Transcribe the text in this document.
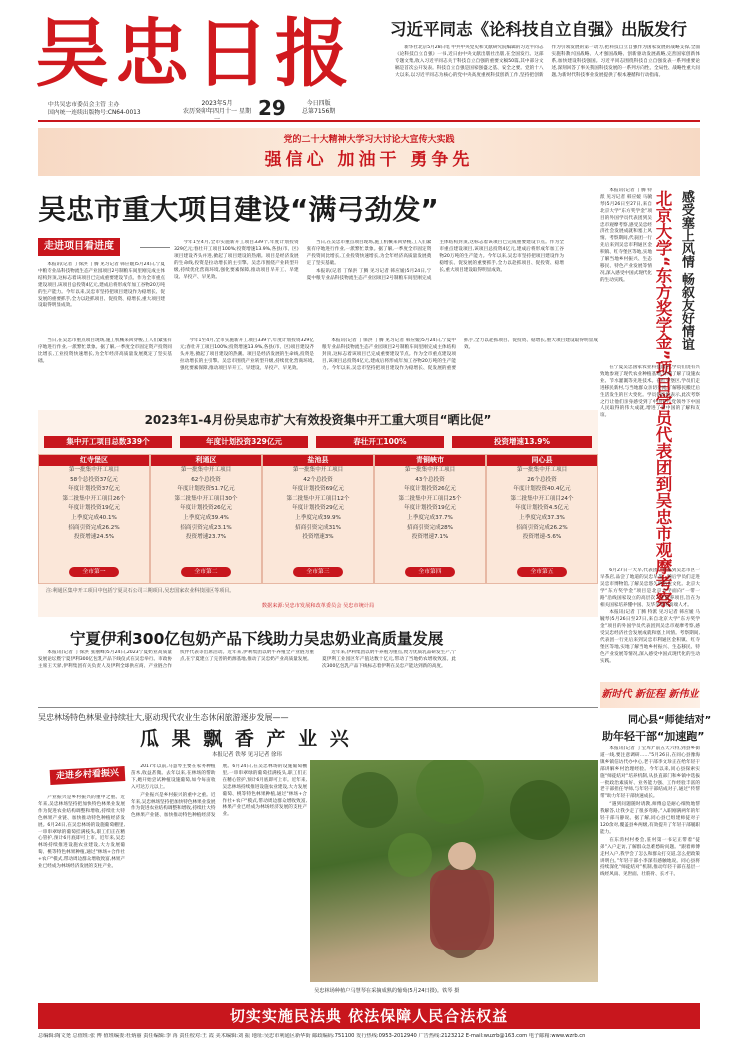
吴忠日报
中共吴忠市委员会主管 主办
国内统一连续出版物号:CN64-0013
2023年5月
农历癸卯年四月十一 星期 29	今日四版
总第7156期
习近平同志《论科技自立自强》出版发行

新华社北京5月28日电 中共中央党史和文献研究院编辑的习近平同志《论科技自立自强》一书,近日由中央文献出版社出版,在全国发行。这部专题文集,收入习近平同志关于科技自立自强的重要文稿50篇,其中部分文稿是首次公开发表。科技自立自强是国家强盛之基、安全之要。党的十八大以来,以习近平同志为核心的党中央高度重视科技创新工作,坚持把创新作为引领发展的第一动力,把科技自立自强作为国家发展的战略支撑,全面实施科教兴国战略、人才强国战略、创新驱动发展战略,完善国家创新体系,加快建设科技强国。习近平同志围绕科技自立自强发表一系列重要论述,深刻回答了事关我国科技发展的一系列方向性、全局性、战略性重大问题,为新时代科技事业发展提供了根本遵循和行动指南。

党的二十大精神大学习大讨论大宣传大实践
强信心 加油干 勇争先
吴忠市重大项目建设“满弓劲发”
走进项目看进度

本报讯(记者 丁保洪 丁腾 见习记者 韩应媛)5月24日,宁夏中粮专业品科技物流生态产业园项目2号制粮车间里刚完成主体结构封顶,这标志着该项目已完成重要建设节点。作为全市重点建设项目,该项目总投资4亿元,建成后将形成年加工谷物20万吨的生产能力。今年以来,吴忠市坚持把项目建设作为稳增长、促发展的重要抓手,全力以赴抓项目、促投资、稳增长,重大项目建设取得明显成效。

今年1至4月,全市实施新开工项目339个,年度计划投资329亿元;春壮开工项目100%;投资增速13.9%,各县(市、区)项目建设齐头并进,掀起了项目建设的热潮。项目是经济发展的生命线,投资是拉动增长的主引擎。吴忠市围绕产业转型升级,持续优化营商环境,强化要素保障,推动项目早开工、早建设、早投产、早见效。

当日,在吴忠市重点项目现场,施工机械来回穿梭,工人们紧张有序地进行作业,一派繁忙景象。据了解,一季度全市固定资产投资同比增长,工业投资快速增长,为全年经济高质量发展奠定了坚实基础。

本报讯(记者 丁保洪 丁腾 见习记者 韩应媛)5月24日,宁夏中粮专业品科技物流生态产业园项目2号制粮车间里刚完成主体结构封顶,这标志着该项目已完成重要建设节点。作为全市重点建设项目,该项目总投资4亿元,建成后将形成年加工谷物20万吨的生产能力。今年以来,吴忠市坚持把项目建设作为稳增长、促发展的重要抓手,全力以赴抓项目、促投资、稳增长,重大项目建设取得明显成效。

2023年1-4月份吴忠市扩大有效投资集中开工重大项目“晒比促”
集中开工项目总数339个	年度计划投资329亿元	春壮开工100%	投资增速13.9%
红寺堡区
第一批集中开工项目
58个总投资37亿元
年度计划投资37亿元
第二批集中开工项目26个
年度计划投资19亿元
上季度完成40.1%
招商引资完成26.2%
投资增速24.5%
全市第一
利通区
第一批集中开工项目
62个总投资
年度计划投资51.7亿元
第二批集中开工项目30个
年度计划投资26亿元
上季度完成39.4%
招商引资完成23.1%
投资增速23.7%
全市第二
盐池县
第一批集中开工项目
42个总投资
年度计划投资69亿元
第二批集中开工项目12个
年度计划投资29亿元
上季度完成39.9%
招商引资完成31%
投资增速3%
全市第三
青铜峡市
第一批集中开工项目
43个总投资
年度计划投资26亿元
第二批集中开工项目25个
年度计划投资19亿元
上季度完成37.7%
招商引资完成28%
投资增速7.1%
全市第四
同心县
第一批集中开工项目
26个总投资
年度计划投资40.4亿元
第二批集中开工项目24个
年度计划投资4.5亿元
上季度完成37.3%
招商引资完成26.2%
投资增速-5.6%
全市第五
注:利通区集中开工项目中包括宁夏灵石公司三期项目,吴忠国家农业科技园区等项目。
数据来源:吴忠市发展和改革委员会 吴忠市统计局

当日,在吴忠市重点项目现场,施工机械来回穿梭,工人们紧张有序地进行作业,一派繁忙景象。据了解,一季度全市固定资产投资同比增长,工业投资快速增长,为全年经济高质量发展奠定了坚实基础。

今年1至4月,全市实施新开工项目339个,年度计划投资329亿元;春壮开工项目100%;投资增速13.9%,各县(市、区)项目建设齐头并进,掀起了项目建设的热潮。项目是经济发展的生命线,投资是拉动增长的主引擎。吴忠市围绕产业转型升级,持续优化营商环境,强化要素保障,推动项目早开工、早建设、早投产、早见效。

本报讯(记者 丁保洪 丁腾 见习记者 韩应媛)5月24日,宁夏中粮专业品科技物流生态产业园项目2号制粮车间里刚完成主体结构封顶,这标志着该项目已完成重要建设节点。作为全市重点建设项目,该项目总投资4亿元,建成后将形成年加工谷物20万吨的生产能力。今年以来,吴忠市坚持把项目建设作为稳增长、促发展的重要抓手,全力以赴抓项目、促投资、稳增长,重大项目建设取得明显成效。

宁夏伊利300亿包奶产品下线助力吴忠奶业高质量发展

本报讯(记者 丁保洪 张丽峰)5月24日,2023宁夏奶业高质量发展论坛暨宁夏伊利300亿包乳产品下线仪式在吴忠举行。市政协主席王天驿,伊利集团有关负责人及伊利全球供应商、产业链合作伙伴代表等出席活动。近年来,伊利集团以奶牛养殖全产业链为重点,在宁夏建立了完善的奶源基地,推动了吴忠奶产业高质量发展。

近年来,伊利集团以奶牛养殖为重点,致力优质乳品研发生产,宁夏伊利工业园区年产值达数十亿元,带动了当地奶农增收致富。此次300亿包乳产品下线标志着伊利在吴忠产能达到新的高度。

吴忠林场特色林果业持续壮大,驱动现代农业生态休闲旅游逐步发展——
瓜 果 飘 香 产 业 兴
本报记者 铁琴 见习记者 徐玮
走进乡村看振兴

产业振兴是乡村振兴的重中之重。近年来,吴忠林场坚持把加快特色林果业发展作为促进农业结构调整和增收,持续壮大特色林果产业链、加快推动特色种植经济发展。6月24日,在吴忠林场的设施葡萄棚里,一串串翠绿的葡萄挂满枝头,职工们正在精心管护,预计6月底即可上市。近年来,吴忠林场持续推进设施农业建设,大力发展葡萄、桃等特色林果种植,通过"林场+合作社+农户"模式,带动周边群众增收致富,林果产业已经成为林场经济发展的支柱产业。

2017年以前,马慧琴主要在家务种植苗木,收益甚微。去年以来,在林场的帮助下,她开始尝试种植设施葡萄,如今每亩收入可达万元以上。

产业振兴是乡村振兴的重中之重。近年来,吴忠林场坚持把加快特色林果业发展作为促进农业结构调整和增收,持续壮大特色林果产业链、加快推动特色种植经济发展。6月24日,在吴忠林场的设施葡萄棚里,一串串翠绿的葡萄挂满枝头,职工们正在精心管护,预计6月底即可上市。近年来,吴忠林场持续推进设施农业建设,大力发展葡萄、桃等特色林果种植,通过"林场+合作社+农户"模式,带动周边群众增收致富,林果产业已经成为林场经济发展的支柱产业。

吴忠林场种植户马慧琴在采摘成熟的葡萄(5月24日摄)。铁琴 摄
感受塞上风情 畅叙友好情谊
北京大学“东方奖学金”项目学员代表团到吴忠市观摩考察

本报讯(记者 丁腾 特派 见习记者 韩应媛 马毓琴)5月26日至27日,来自北京大学“东方奖学金”项目的外国学员代表团到吴忠市观摩考察,感受吴忠经济社会发展成就和塞上风情。考察期间,代表团一行先后来到吴忠市利通区金积镇、红寺堡区等地,实地了解当地乡村振兴、生态移民、特色产业发展等情况,深入感受中国式现代化的生动实践。

在宁夏吴忠国家农业科技园区,学员们饶有兴致地参观了现代农业种植基地,详细了解了设施农业、节水灌溉等先进技术。在红寺堡区,学员们走进移民新村,与当地群众亲切交流,了解移民搬迁后生活发生的巨大变化。学员们纷纷表示,此次考察之行让他们亲身感受到了中国共产党领导下中国人民取得的伟大成就,增进了对中国的了解和友谊。

6月27日一大早,代表团一行来到吴忠市区一早茶店,品尝了地道的吴忠早茶。随后学员们走进吴忠市博物馆,了解吴忠悠久的历史文化。北京大学“东方奖学金”项目是北京大学面向“一带一路”沿线国家设立的高层次人才培养项目,旨在为相关国家培养懂中国、友华亲华的高端人才。

本报讯(记者 丁腾 特派 见习记者 韩应媛 马毓琴)5月26日至27日,来自北京大学“东方奖学金”项目的外国学员代表团到吴忠市观摩考察,感受吴忠经济社会发展成就和塞上风情。考察期间,代表团一行先后来到吴忠市利通区金积镇、红寺堡区等地,实地了解当地乡村振兴、生态移民、特色产业发展等情况,深入感受中国式现代化的生动实践。

新时代 新征程 新伟业
同心县“师徒结对”
助年轻干部“加速跑”

本报讯(记者 丁宝库)“前五天六特,到县乡街道一线,要注意调研……”5月26日,在同心县豫海镇乡镇信访代办中心,老干部李文珍正在给年轻干部讲解乡村治理经验。今年以来,同心县探索实施“师徒结对”培养机制,从县直部门和乡镇中选拔一批政治素质好、业务能力强、工作经验丰富的老干部担任导师,与年轻干部结成对子,通过“传帮带”助力年轻干部快速成长。

“遇到问题随时请教,师傅总是耐心细致地帮我解答,让我少走了很多弯路。”入职刚满两年的年轻干部马静说。据了解,同心县已组建师徒对子120余对,覆盖县乡两级,有效提升了年轻干部履职能力。

在东湾村村委会,驻村第一书记正带着“徒弟”入户走访,了解群众急难愁盼问题。“跟着师傅走村入户,我学会了怎么和群众打交道,怎么把政策讲明白。”年轻干部小李深有感触地说。同心县将持续深化“师徒结对”机制,推动年轻干部在基层一线经风雨、见世面、壮筋骨、长才干。

切实实施民法典 依法保障人民合法权益
总编辑:陶文尧 总值班:张 博 值班编委:杜炳丽 责任编辑:李 苒 责任校对:王 霞 美术编辑:刘 振 地址:吴忠市利通区新华街 邮政编码:751100 发行热线:0953-2012940 广告热线:2123212 E-mail:wuzrb@163.com 电子邮箱:www.wzrb.cn
